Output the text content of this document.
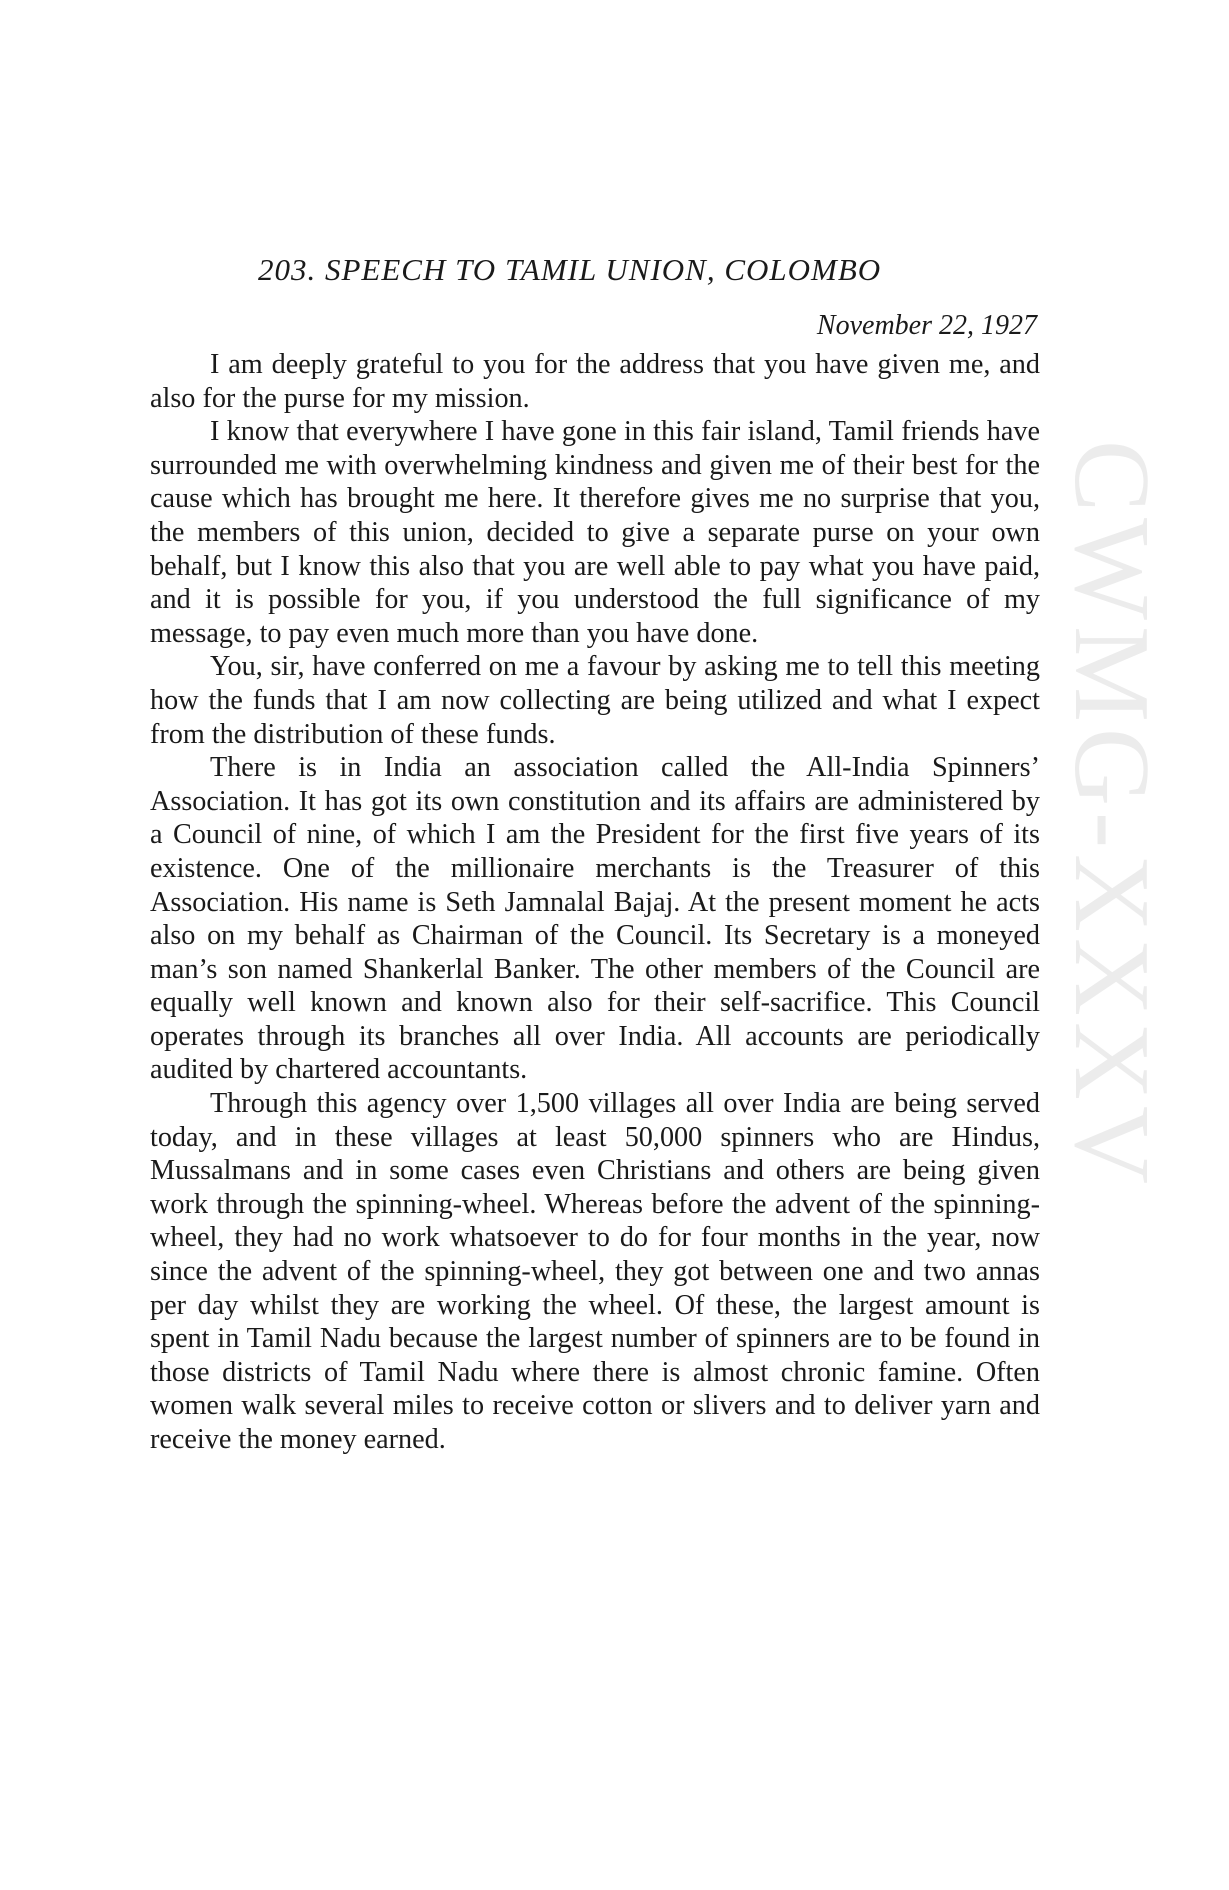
CWMG-XXXV
203. SPEECH TO TAMIL UNION, COLOMBO
November 22, 1927

I am deeply grateful to you for the address that you have given me, and also for the purse for my mission.

I know that everywhere I have gone in this fair island, Tamil friends have surrounded me with overwhelming kindness and given me of their best for the cause which has brought me here. It therefore gives me no surprise that you, the members of this union, decided to give a separate purse on your own behalf, but I know this also that you are well able to pay what you have paid, and it is possible for you, if you understood the full significance of my message, to pay even much more than you have done.

You, sir, have conferred on me a favour by asking me to tell this meeting how the funds that I am now collecting are being utilized and what I expect from the distribution of these funds.

There is in India an association called the All-India Spinners’ Association. It has got its own constitution and its affairs are administered by a Council of nine, of which I am the President for the first five years of its existence. One of the millionaire merchants is the Treasurer of this Association. His name is Seth Jamnalal Bajaj. At the present moment he acts also on my behalf as Chairman of the Council. Its Secretary is a moneyed man’s son named Shankerlal Banker. The other members of the Council are equally well known and known also for their self-sacrifice. This Council operates through its branches all over India. All accounts are periodically audited by chartered accountants.

Through this agency over 1,500 villages all over India are being served today, and in these villages at least 50,000 spinners who are Hindus, Mussalmans and in some cases even Christians and others are being given work through the spinning-wheel. Whereas before the advent of the spinning-wheel, they had no work whatsoever to do for four months in the year, now since the advent of the spinning-wheel, they got between one and two annas per day whilst they are working the wheel. Of these, the largest amount is spent in Tamil Nadu because the largest number of spinners are to be found in those districts of Tamil Nadu where there is almost chronic famine. Often women walk several miles to receive cotton or slivers and to deliver yarn and receive the money earned.
